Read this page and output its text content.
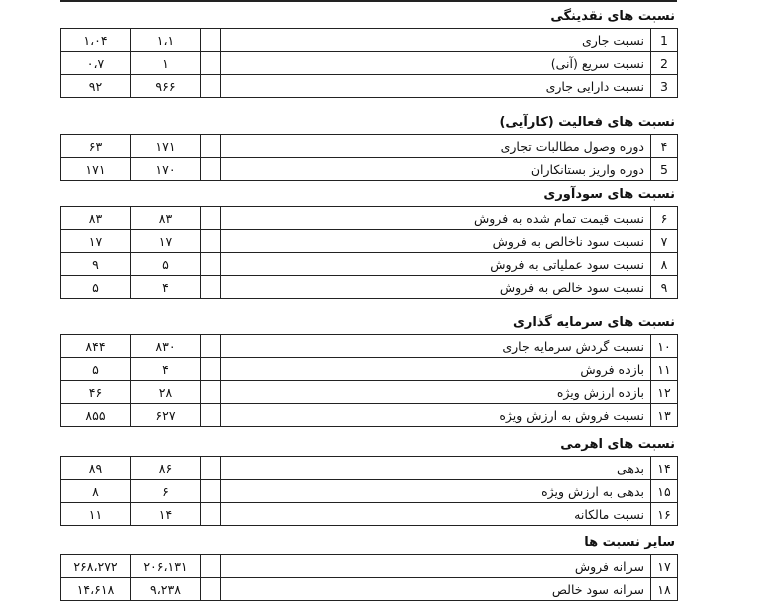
نسبت های نقدینگی
۱،۰۴	۱،۱		نسبت جاری	1
۰،۷	۱		نسبت سریع (آنی)	2
۹۲	۹۶۶		نسبت دارایی جاری	3
نسبت های فعالیت (کارآیی)
۶۳	۱۷۱		دوره وصول مطالبات تجاری	۴
۱۷۱	۱۷۰		دوره واریز بستانکاران	5
نسبت های سودآوری
۸۳	۸۳		نسبت قیمت تمام شده به فروش	۶
۱۷	۱۷		نسبت سود ناخالص به فروش	۷
۹	۵		نسبت سود عملیاتی به فروش	۸
۵	۴		نسبت سود خالص به فروش	۹
نسبت های سرمایه گذاری
۸۴۴	۸۳۰		نسبت گردش سرمایه جاری	۱۰
۵	۴		بازده فروش	۱۱
۴۶	۲۸		بازده ارزش ویژه	۱۲
۸۵۵	۶۲۷		نسبت فروش به ارزش ویژه	۱۳
نسبت های اهرمی
۸۹	۸۶		بدهی	۱۴
۸	۶		بدهی به ارزش ویژه	۱۵
۱۱	۱۴		نسبت مالکانه	۱۶
سایر نسبت ها
۲۶۸،۲۷۲	۲۰۶،۱۳۱		سرانه فروش	۱۷
۱۴،۶۱۸	۹،۲۳۸		سرانه سود خالص	۱۸
